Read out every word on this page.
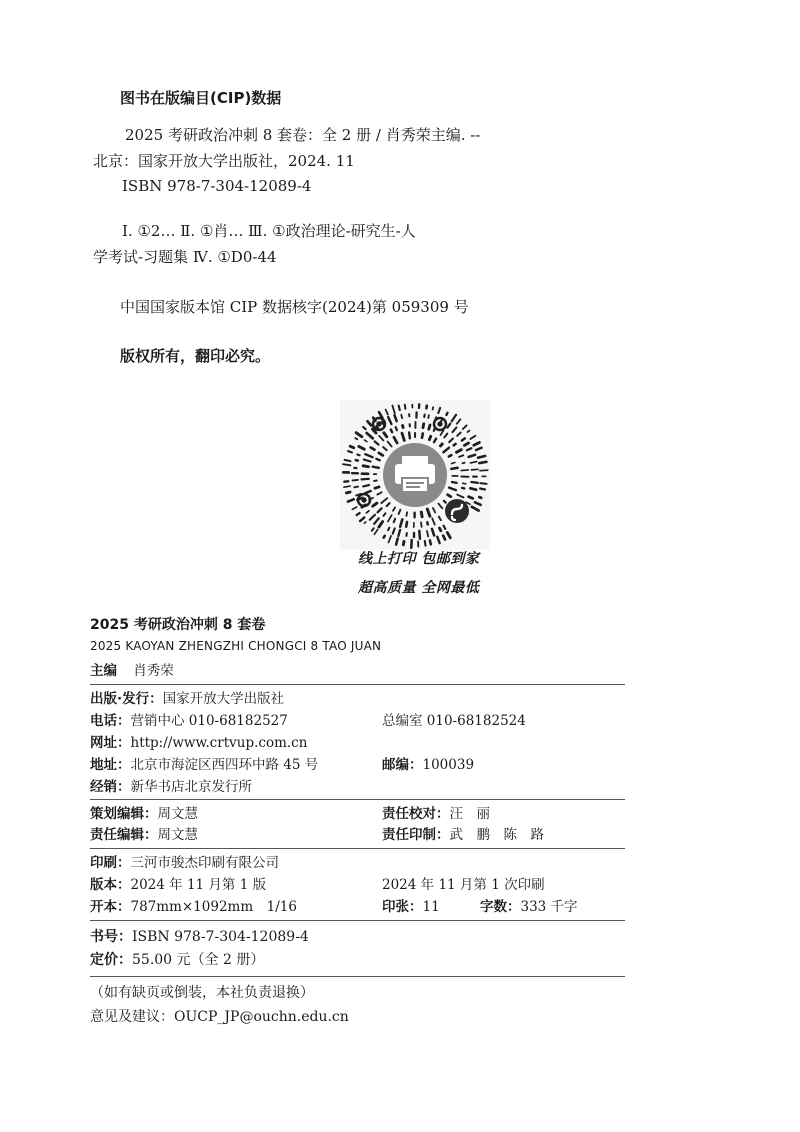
图书在版编目(CIP)数据
2025 考研政治冲刺 8 套卷：全 2 册 / 肖秀荣主编. --
北京：国家开放大学出版社，2024. 11
ISBN 978-7-304-12089-4
Ⅰ. ①2… Ⅱ. ①肖… Ⅲ. ①政治理论-研究生-人
学考试-习题集 Ⅳ. ①D0-44
中国国家版本馆 CIP 数据核字(2024)第 059309 号
版权所有，翻印必究。
线上打印 包邮到家
超高质量 全网最低
2025 考研政治冲刺 8 套卷
2025 KAOYAN ZHENGZHI CHONGCI 8 TAO JUAN
主编 肖秀荣
出版·发行：国家开放大学出版社
电话：营销中心 010-68182527	总编室 010-68182524
网址：http://www.crtvup.com.cn
地址：北京市海淀区西四环中路 45 号	邮编：100039
经销：新华书店北京发行所
策划编辑：周文慧	责任校对：汪　丽
责任编辑：周文慧	责任印制：武　鹏　陈　路
印刷：三河市骏杰印刷有限公司
版本：2024 年 11 月第 1 版	2024 年 11 月第 1 次印刷
开本：787mm×1092mm　1/16	印张：11	字数：333 千字
书号：ISBN 978-7-304-12089-4
定价：55.00 元（全 2 册）
（如有缺页或倒装，本社负责退换）
意见及建议：OUCP_JP@ouchn.edu.cn
